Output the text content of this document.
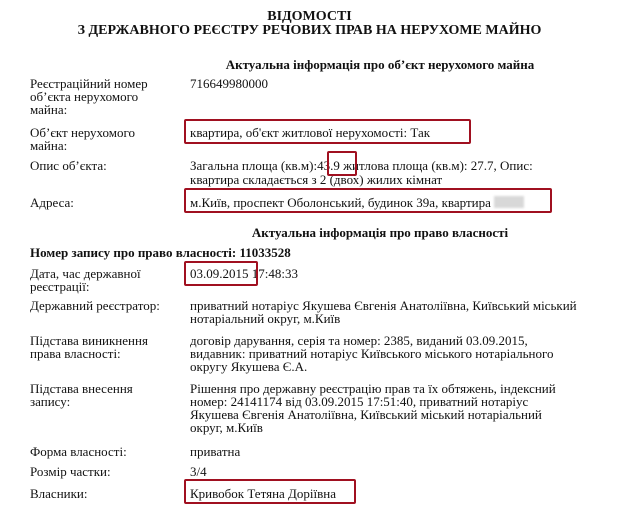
ВІДОМОСТІ
З ДЕРЖАВНОГО РЕЄСТРУ РЕЧОВИХ ПРАВ НА НЕРУХОМЕ МАЙНО
Актуальна інформація про об’єкт нерухомого майна
Реєстраційний номер
об’єкта нерухомого
майна:
716649980000
Об’єкт нерухомого
майна:
квартира, об'єкт житлової нерухомості: Так
Опис об’єкта:	Загальна площа (кв.м):43.9 житлова площа (кв.м): 27.7, Опис:
квартира складається з 2 (двох) жилих кімнат
Адреса:	м.Київ, проспект Оболонський, будинок 39а, квартира
Актуальна інформація про право власності
Номер запису про право власності: 11033528
Дата, час державної
реєстрації:
03.09.2015 17:48:33
Державний реєстратор:	приватний нотаріус Якушева Євгенія Анатоліївна, Київський міський
нотаріальний округ, м.Київ
Підстава виникнення
права власності:
договір дарування, серія та номер: 2385, виданий 03.09.2015,
видавник: приватний нотаріус Київського міського нотаріального
округу Якушева Є.А.
Підстава внесення
запису:
Рішення про державну реєстрацію прав та їх обтяжень, індексний
номер: 24141174 від 03.09.2015 17:51:40, приватний нотаріус
Якушева Євгенія Анатоліївна, Київський міський нотаріальний
округ, м.Київ
Форма власності:	приватна
Розмір частки:	3/4
Власники:	Кривобок Тетяна Доріївна
